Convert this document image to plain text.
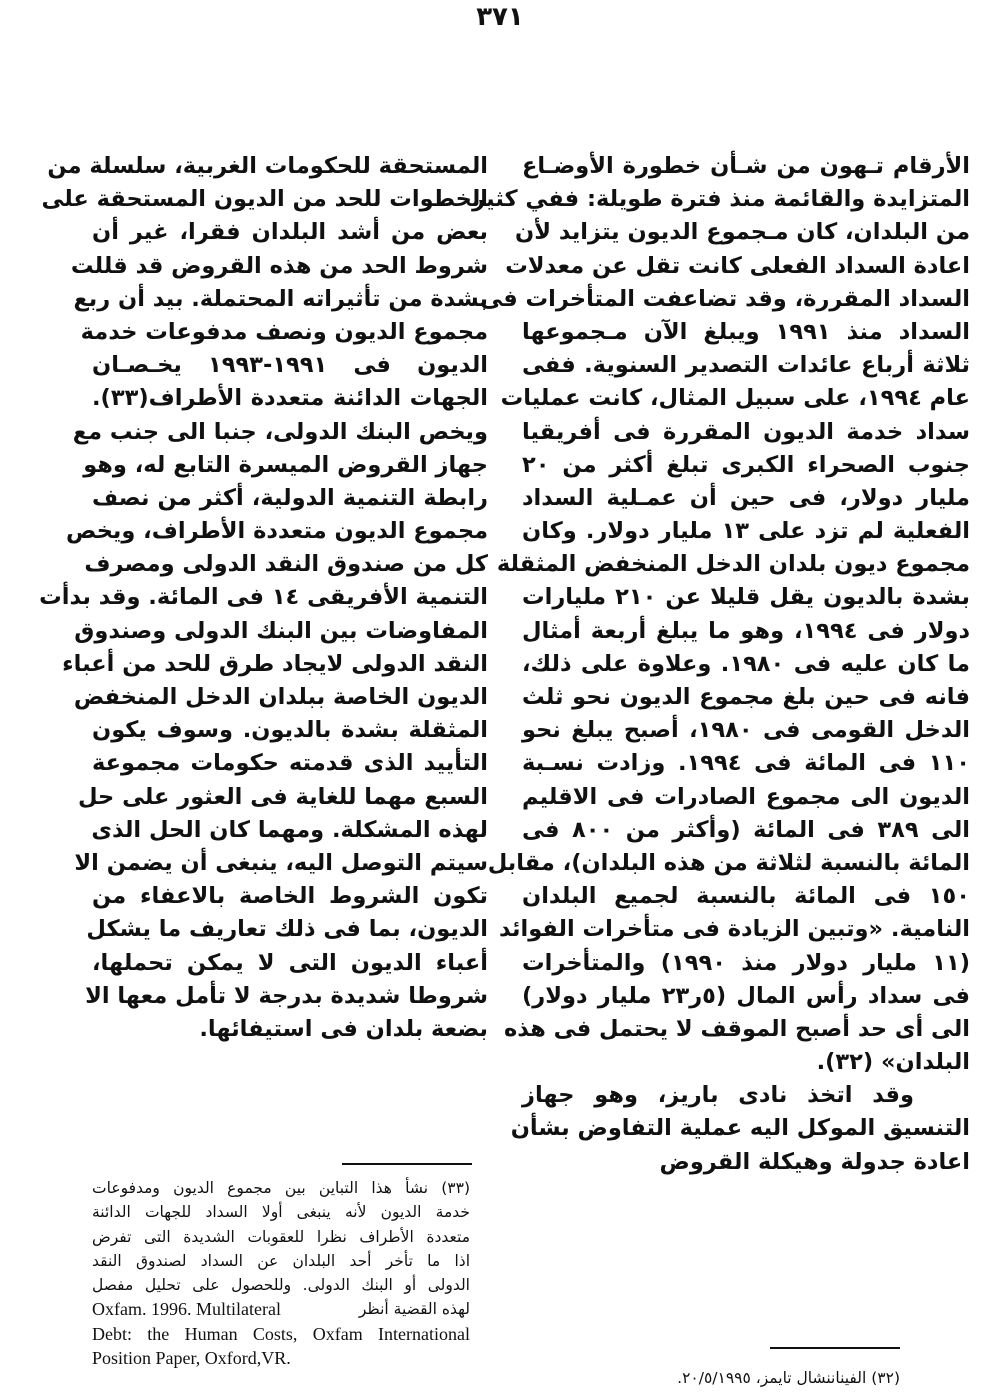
٣٧١
الأرقام تـهون من شـأن خطورة الأوضـاع
المتزايدة والقائمة منذ فترة طويلة: ففي كثير
من البلدان، كان مـجموع الديون يتزايد لأن
اعادة السداد الفعلى كانت تقل عن معدلات
السداد المقررة، وقد تضاعفت المتأخرات فى
السداد منذ ١٩٩١ ويبلغ الآن مـجموعها
ثلاثة أرباع عائدات التصدير السنوية. ففى
عام ١٩٩٤، على سبيل المثال، كانت عمليات
سداد خدمة الديون المقررة فى أفريقيا
جنوب الصحراء الكبرى تبلغ أكثر من ٢٠
مليار دولار، فى حين أن عمـلية السداد
الفعلية لم تزد على ١٣ مليار دولار. وكان
مجموع ديون بلدان الدخل المنخفض المثقلة
بشدة بالديون يقل قليلا عن ٢١٠ مليارات
دولار فى ١٩٩٤، وهو ما يبلغ أربعة أمثال
ما كان عليه فى ١٩٨٠. وعلاوة على ذلك،
فانه فى حين بلغ مجموع الديون نحو ثلث
الدخل القومى فى ١٩٨٠، أصبح يبلغ نحو
١١٠ فى المائة فى ١٩٩٤. وزادت نسـبة
الديون الى مجموع الصادرات فى الاقليم
الى ٣٨٩ فى المائة (وأكثر من ٨٠٠ فى
المائة بالنسبة لثلاثة من هذه البلدان)، مقابل
١٥٠ فى المائة بالنسبة لجميع البلدان
النامية. «وتبين الزيادة فى متأخرات الفوائد
(١١ مليار دولار منذ ١٩٩٠) والمتأخرات
فى سداد رأس المال (٥ر٢٣ مليار دولار)
الى أى حد أصبح الموقف لا يحتمل فى هذه
البلدان» (٣٢).
وقد اتخذ نادى باريز، وهو جهاز
التنسيق الموكل اليه عملية التفاوض بشأن
اعادة جدولة وهيكلة القروض
المستحقة للحكومات الغربية، سلسلة من
الخطوات للحد من الديون المستحقة على
بعض من أشد البلدان فقرا، غير أن
شروط الحد من هذه القروض قد قللت
بشدة من تأثيراته المحتملة. بيد أن ربع
مجموع الديون ونصف مدفوعات خدمة
الديون فى ١٩٩١-١٩٩٣ يخـصـان
الجهات الدائنة متعددة الأطراف(٣٣).
ويخص البنك الدولى، جنبا الى جنب مع
جهاز القروض الميسرة التابع له، وهو
رابطة التنمية الدولية، أكثر من نصف
مجموع الديون متعددة الأطراف، ويخص
كل من صندوق النقد الدولى ومصرف
التنمية الأفريقى ١٤ فى المائة. وقد بدأت
المفاوضات بين البنك الدولى وصندوق
النقد الدولى لايجاد طرق للحد من أعباء
الديون الخاصة ببلدان الدخل المنخفض
المثقلة بشدة بالديون. وسوف يكون
التأييد الذى قدمته حكومات مجموعة
السبع مهما للغاية فى العثور على حل
لهذه المشكلة. ومهما كان الحل الذى
سيتم التوصل اليه، ينبغى أن يضمن الا
تكون الشروط الخاصة بالاعفاء من
الديون، بما فى ذلك تعاريف ما يشكل
أعباء الديون التى لا يمكن تحملها،
شروطا شديدة بدرجة لا تأمل معها الا
بضعة بلدان فى استيفائها.
(٣٣) نشأ هذا التباين بين مجموع الديون ومدفوعات
خدمة الديون لأنه ينبغى أولا السداد للجهات الدائنة
متعددة الأطراف نظرا للعقوبات الشديدة التى تفرض
اذا ما تأخر أحد البلدان عن السداد لصندوق النقد
الدولى أو البنك الدولى. وللحصول على تحليل مفصل
لهذه القضية أنظر
Oxfam. 1996. Multilateral
Debt: the Human Costs, Oxfam International
Position Paper, Oxford,VR.
(٣٢) الفيناننشال تايمز، ٢٠/٥/١٩٩٥.
